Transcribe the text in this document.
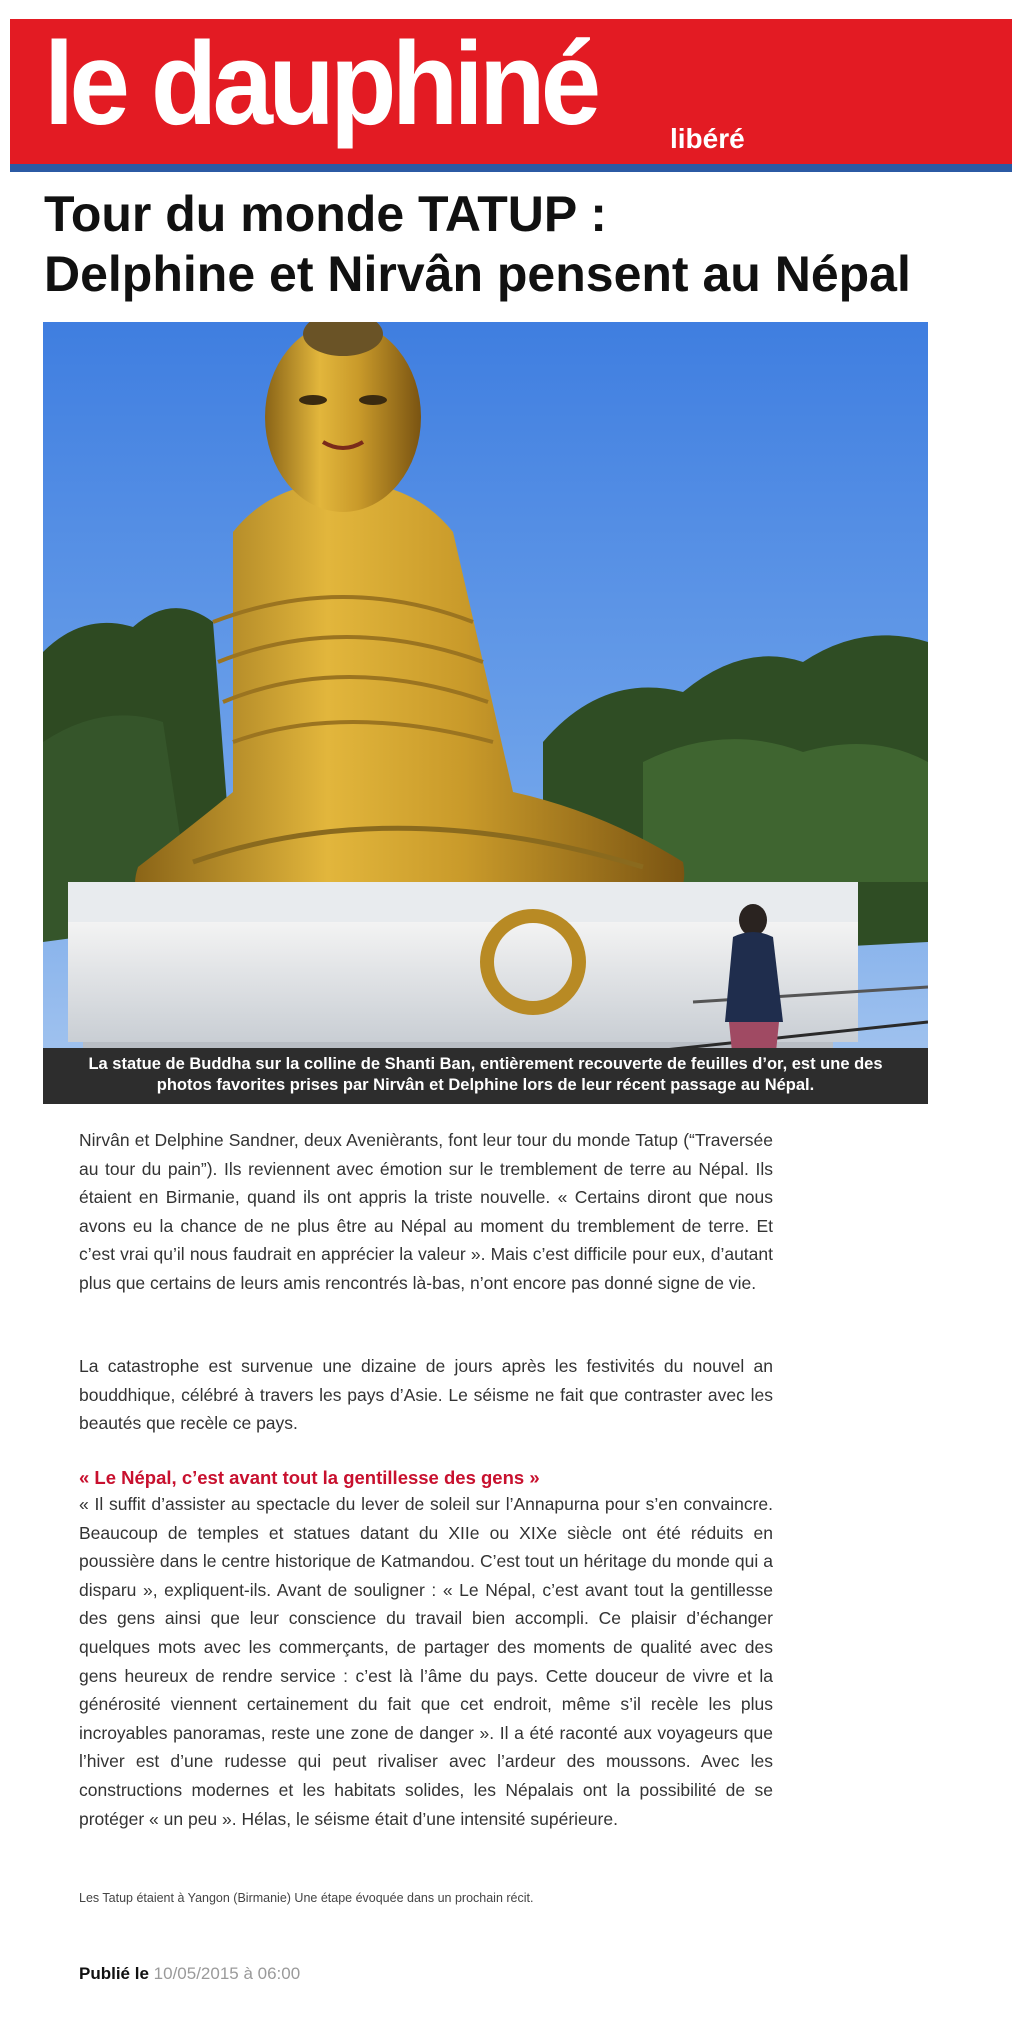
le dauphiné	libéré
Tour du monde TATUP :
Delphine et Nirvân pensent au Népal
La statue de Buddha sur la colline de Shanti Ban, entièrement recouverte de feuilles d’or, est une des
photos favorites prises par Nirvân et Delphine lors de leur récent passage au Népal.

Nirvân et Delphine Sandner, deux Avenièrants, font leur tour du monde Tatup (“Traversée au tour du pain”). Ils reviennent avec émotion sur le tremblement de terre au Népal. Ils étaient en Birmanie, quand ils ont appris la triste nouvelle. « Certains diront que nous avons eu la chance de ne plus être au Népal au moment du tremblement de terre. Et c’est vrai qu’il nous faudrait en apprécier la valeur ». Mais c’est difficile pour eux, d’autant plus que certains de leurs amis rencontrés là-bas, n’ont encore pas donné signe de vie.

La catastrophe est survenue une dizaine de jours après les festivités du nouvel an bouddhique, célébré à travers les pays d’Asie. Le séisme ne fait que contraster avec les beautés que recèle ce pays.

« Le Népal, c’est avant tout la gentillesse des gens »

« Il suffit d’assister au spectacle du lever de soleil sur l’Annapurna pour s’en convaincre. Beaucoup de temples et statues datant du XIIe ou XIXe siècle ont été réduits en poussière dans le centre historique de Katmandou. C’est tout un héritage du monde qui a disparu », expliquent-ils. Avant de souligner : « Le Népal, c’est avant tout la gentillesse des gens ainsi que leur conscience du travail bien accompli. Ce plaisir d’échanger quelques mots avec les commerçants, de partager des moments de qualité avec des gens heureux de rendre service : c’est là l’âme du pays. Cette douceur de vivre et la générosité viennent certainement du fait que cet endroit, même s’il recèle les plus incroyables panoramas, reste une zone de danger ». Il a été raconté aux voyageurs que l’hiver est d’une rudesse qui peut rivaliser avec l’ardeur des moussons. Avec les constructions modernes et les habitats solides, les Népalais ont la possibilité de se protéger « un peu ». Hélas, le séisme était d’une intensité supérieure.

Les Tatup étaient à Yangon (Birmanie) Une étape évoquée dans un prochain récit.

Publié le 10/05/2015 à 06:00
